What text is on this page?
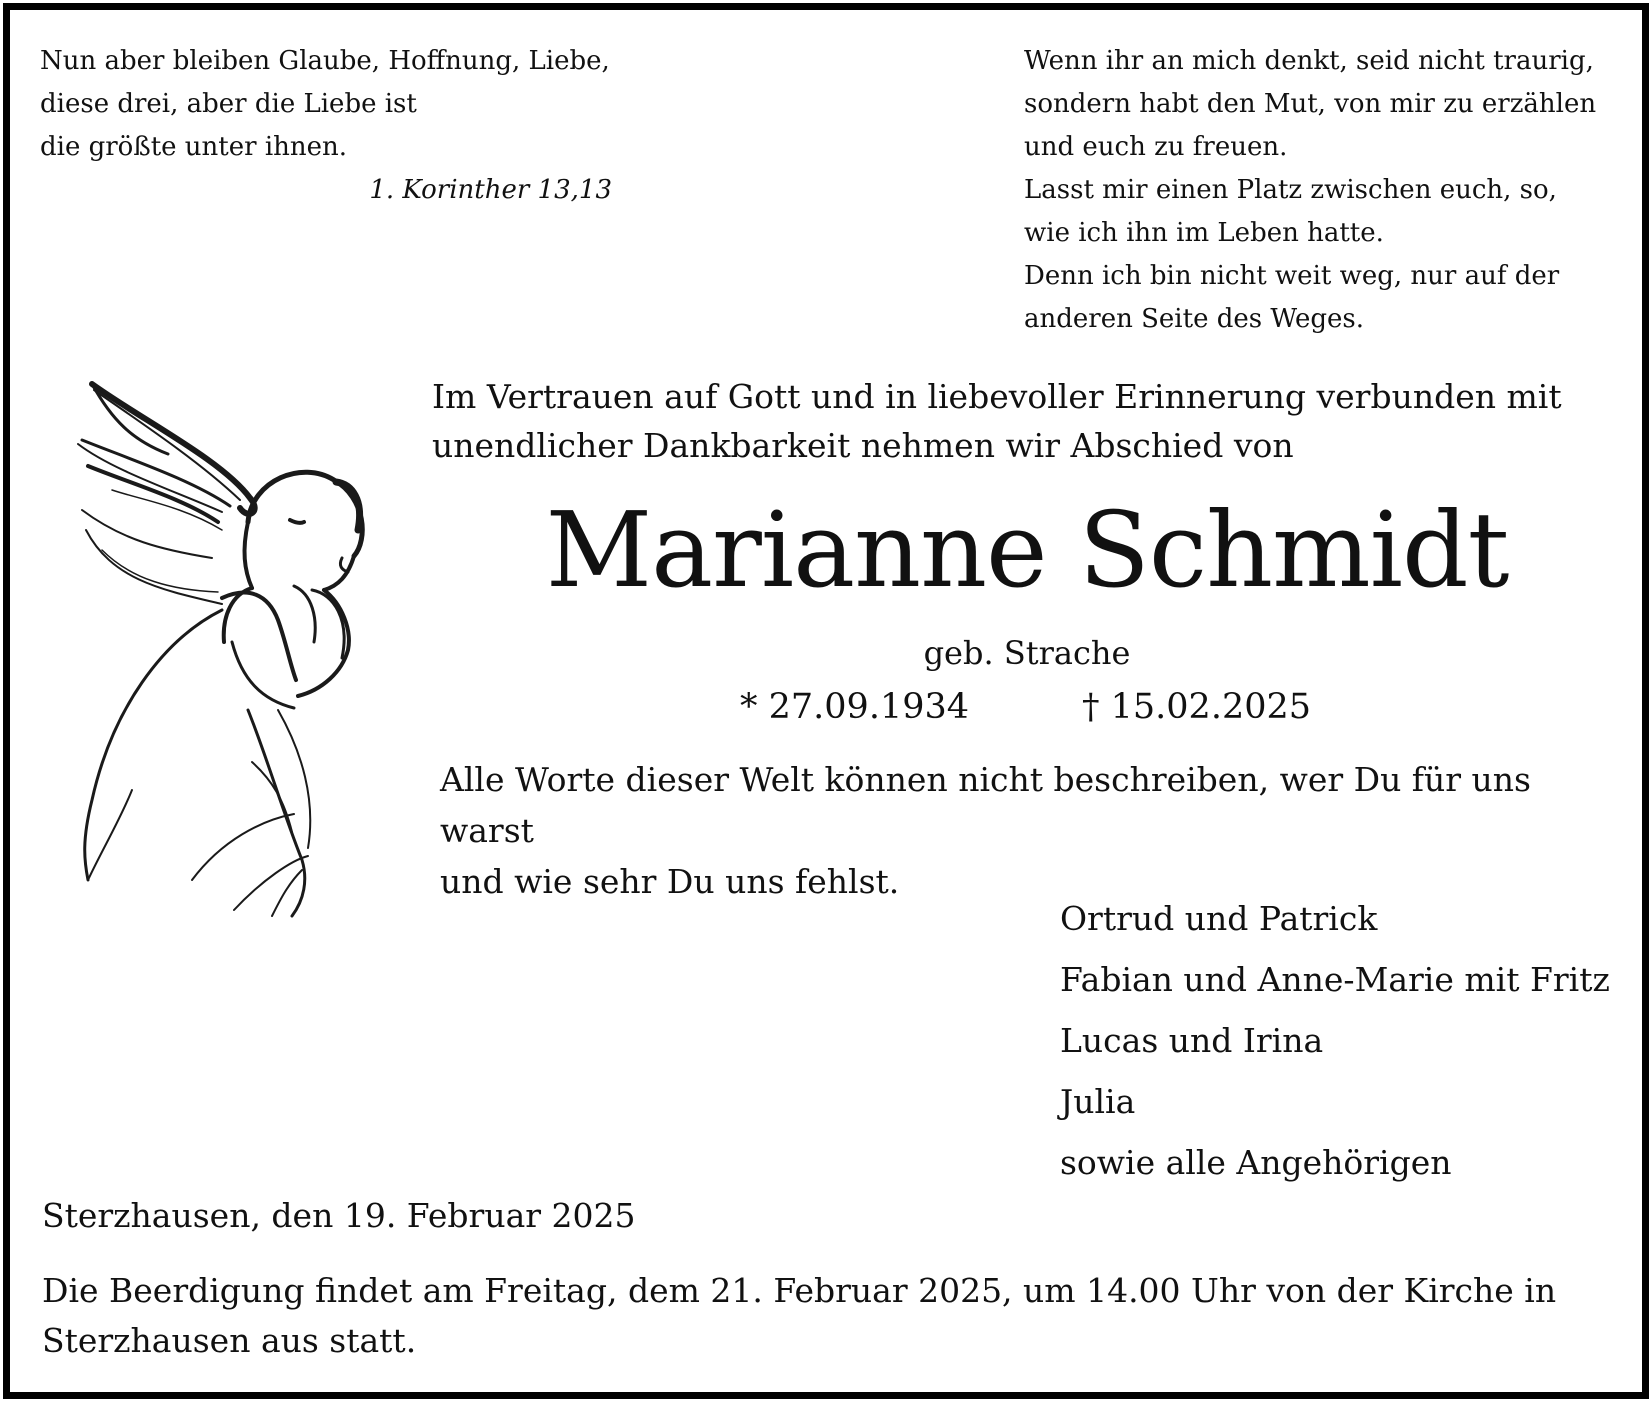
Nun aber bleiben Glaube, Hoffnung, Liebe,
diese drei, aber die Liebe ist
die größte unter ihnen.
1. Korinther 13,13
Wenn ihr an mich denkt, seid nicht traurig,
sondern habt den Mut, von mir zu erzählen
und euch zu freuen.
Lasst mir einen Platz zwischen euch, so,
wie ich ihn im Leben hatte.
Denn ich bin nicht weit weg, nur auf der
anderen Seite des Weges.
Im Vertrauen auf Gott und in liebevoller Erinnerung verbunden mit
unendlicher Dankbarkeit nehmen wir Abschied von
Marianne Schmidt
geb. Strache
* 27.09.1934	† 15.02.2025
Alle Worte dieser Welt können nicht beschreiben, wer Du für uns warst
und wie sehr Du uns fehlst.
Ortrud und Patrick
Fabian und Anne-Marie mit Fritz
Lucas und Irina
Julia
sowie alle Angehörigen
Sterzhausen, den 19. Februar 2025
Die Beerdigung findet am Freitag, dem 21. Februar 2025, um 14.00 Uhr von der Kirche in
Sterzhausen aus statt.
